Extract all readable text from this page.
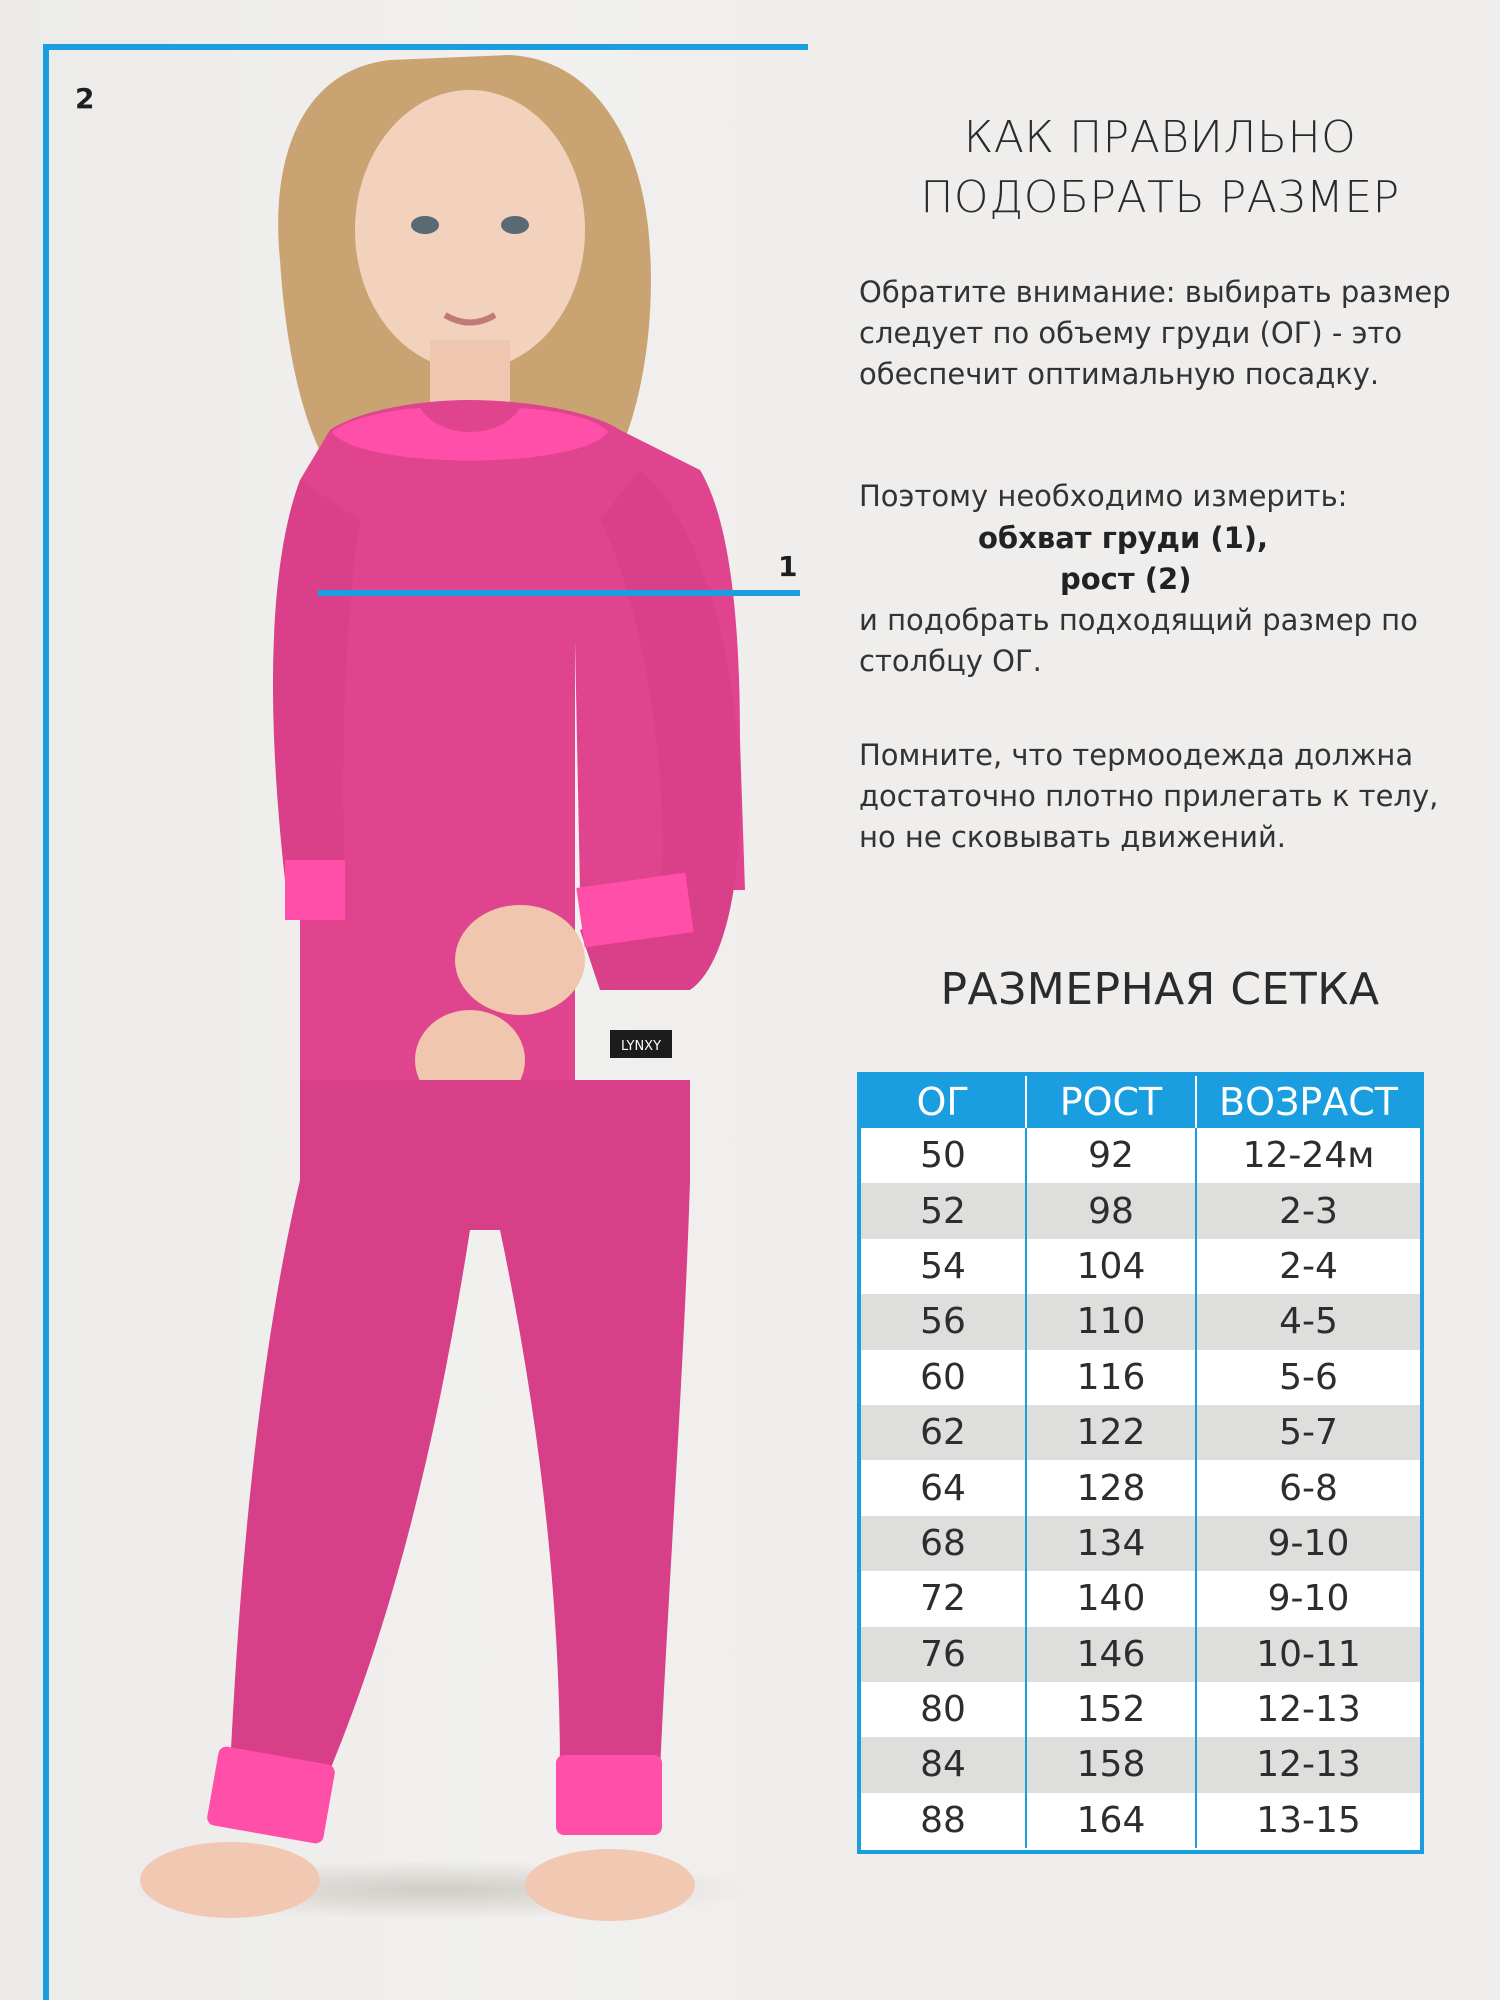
LYNXY
2
1
КАК ПРАВИЛЬНО
ПОДОБРАТЬ РАЗМЕР
Обратите внимание: выбирать размер следует по объему груди (ОГ) - это обеспечит оптимальную посадку.
Поэтому необходимо измерить:
обхват груди (1),
рост (2)
и подобрать подходящий размер по столбцу ОГ.
Помните, что термоодежда должна достаточно плотно прилегать к телу, но не сковывать движений.
РАЗМЕРНАЯ СЕТКА
ОГ	РОСТ	ВОЗРАСТ
50	92	12-24м
52	98	2-3
54	104	2-4
56	110	4-5
60	116	5-6
62	122	5-7
64	128	6-8
68	134	9-10
72	140	9-10
76	146	10-11
80	152	12-13
84	158	12-13
88	164	13-15
